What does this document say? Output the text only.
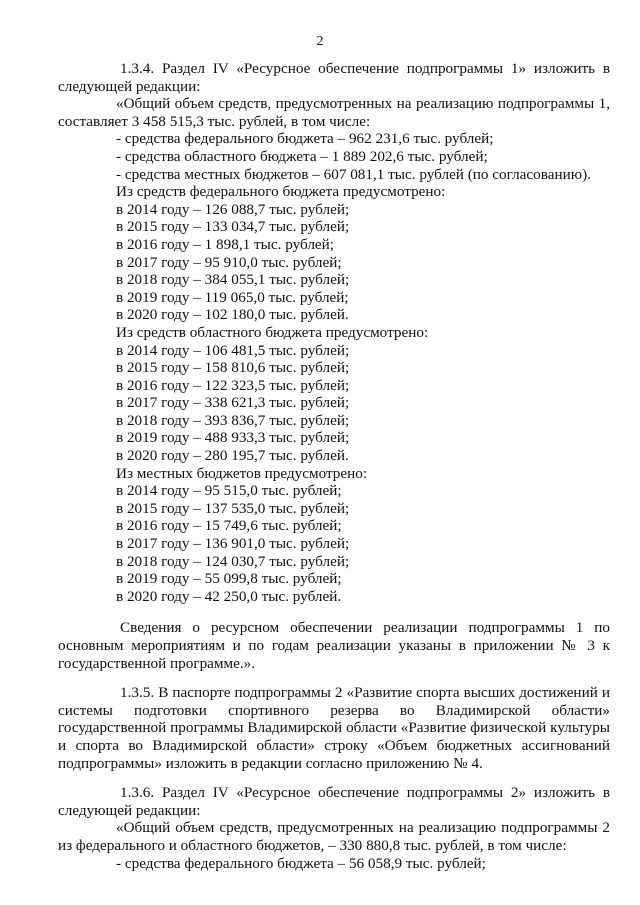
2

1.3.4. Раздел IV «Ресурсное обеспечение подпрограммы 1» изложить в следующей редакции:

«Общий объем средств, предусмотренных на реализацию подпрограммы 1, составляет 3 458 515,3 тыс. рублей, в том числе:

- средства федерального бюджета – 962 231,6 тыс. рублей;

- средства областного бюджета – 1 889 202,6 тыс. рублей;

- средства местных бюджетов – 607 081,1 тыс. рублей (по согласованию).

Из средств федерального бюджета предусмотрено:

в 2014 году – 126 088,7 тыс. рублей;

в 2015 году – 133 034,7 тыс. рублей;

в 2016 году – 1 898,1 тыс. рублей;

в 2017 году – 95 910,0 тыс. рублей;

в 2018 году – 384 055,1 тыс. рублей;

в 2019 году – 119 065,0 тыс. рублей;

в 2020 году – 102 180,0 тыс. рублей.

Из средств областного бюджета предусмотрено:

в 2014 году – 106 481,5 тыс. рублей;

в 2015 году – 158 810,6 тыс. рублей;

в 2016 году – 122 323,5 тыс. рублей;

в 2017 году – 338 621,3 тыс. рублей;

в 2018 году – 393 836,7 тыс. рублей;

в 2019 году – 488 933,3 тыс. рублей;

в 2020 году – 280 195,7 тыс. рублей.

Из местных бюджетов предусмотрено:

в 2014 году – 95 515,0 тыс. рублей;

в 2015 году – 137 535,0 тыс. рублей;

в 2016 году – 15 749,6 тыс. рублей;

в 2017 году – 136 901,0 тыс. рублей;

в 2018 году – 124 030,7 тыс. рублей;

в 2019 году – 55 099,8 тыс. рублей;

в 2020 году – 42 250,0 тыс. рублей.

Сведения о ресурсном обеспечении реализации подпрограммы 1 по основным мероприятиям и по годам реализации указаны в приложении № 3 к государственной программе.».

1.3.5. В паспорте подпрограммы 2 «Развитие спорта высших достижений и системы подготовки спортивного резерва во Владимирской области» государственной программы Владимирской области «Развитие физической культуры и спорта во Владимирской области» строку «Объем бюджетных ассигнований подпрограммы» изложить в редакции согласно приложению № 4.

1.3.6. Раздел IV «Ресурсное обеспечение подпрограммы 2» изложить в следующей редакции:

«Общий объем средств, предусмотренных на реализацию подпрограммы 2 из федерального и областного бюджетов, – 330 880,8 тыс. рублей, в том числе:

- средства федерального бюджета – 56 058,9 тыс. рублей;
